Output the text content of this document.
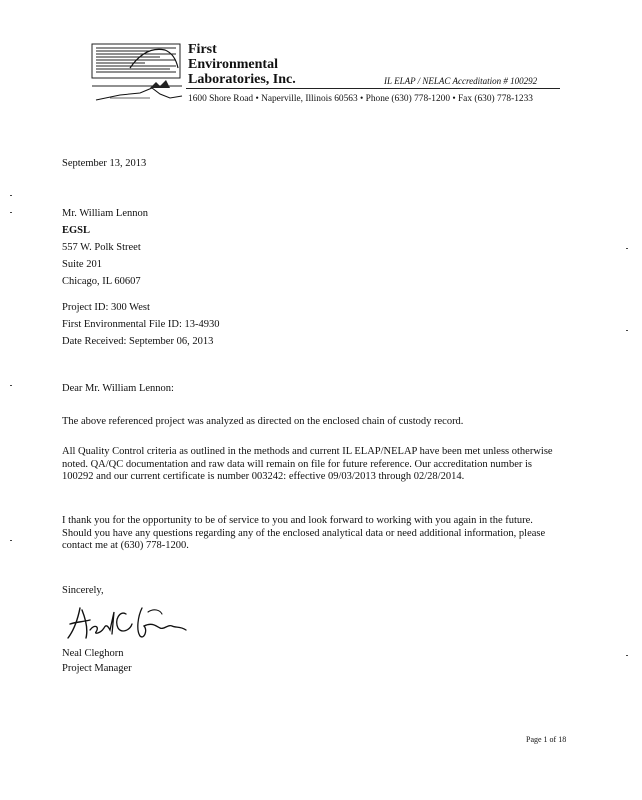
First
Environmental
Laboratories, Inc.	IL ELAP / NELAC Accreditation # 100292
1600 Shore Road • Naperville, Illinois 60563 • Phone (630) 778-1200 • Fax (630) 778-1233
September 13, 2013
Mr. William Lennon
EGSL
557 W. Polk Street
Suite 201
Chicago, IL 60607
Project ID: 300 West
First Environmental File ID: 13-4930
Date Received: September 06, 2013
Dear Mr. William Lennon:
The above referenced project was analyzed as directed on the enclosed chain of custody record.
All Quality Control criteria as outlined in the methods and current IL ELAP/NELAP have been met unless otherwise noted. QA/QC documentation and raw data will remain on file for future reference. Our accreditation number is 100292 and our current certificate is number 003242: effective 09/03/2013 through 02/28/2014.
I thank you for the opportunity to be of service to you and look forward to working with you again in the future. Should you have any questions regarding any of the enclosed analytical data or need additional information, please contact me at (630) 778-1200.
Sincerely,
Neal Cleghorn
Project Manager
Page 1 of 18
